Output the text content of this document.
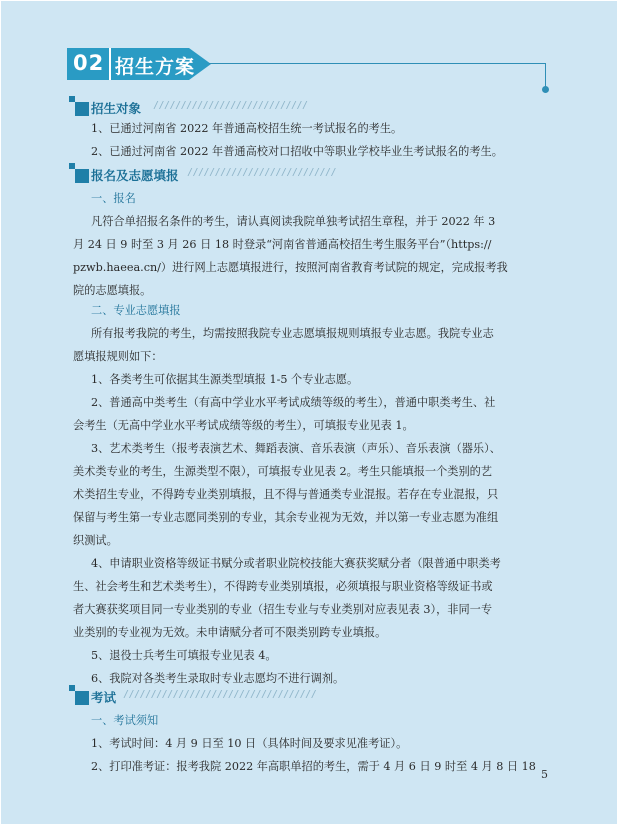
02 招生方案
招生对象 ////////////////////////////
1、已通过河南省 2022 年普通高校招生统一考试报名的考生。
2、已通过河南省 2022 年普通高校对口招收中等职业学校毕业生考试报名的考生。
报名及志愿填报 ///////////////////////////
一、报名
凡符合单招报名条件的考生，请认真阅读我院单独考试招生章程，并于 2022 年 3
月 24 日 9 时至 3 月 26 日 18 时登录“河南省普通高校招生考生服务平台”（https://
pzwb.haeea.cn/）进行网上志愿填报进行，按照河南省教育考试院的规定，完成报考我
院的志愿填报。
二、专业志愿填报
所有报考我院的考生，均需按照我院专业志愿填报规则填报专业志愿。我院专业志
愿填报规则如下：
1、各类考生可依据其生源类型填报 1-5 个专业志愿。
2、普通高中类考生（有高中学业水平考试成绩等级的考生），普通中职类考生、社
会考生（无高中学业水平考试成绩等级的考生），可填报专业见表 1。
3、艺术类考生（报考表演艺术、舞蹈表演、音乐表演（声乐）、音乐表演（器乐）、
美术类专业的考生，生源类型不限），可填报专业见表 2。考生只能填报一个类别的艺
术类招生专业，不得跨专业类别填报，且不得与普通类专业混报。若存在专业混报，只
保留与考生第一专业志愿同类别的专业，其余专业视为无效，并以第一专业志愿为准组
织测试。
4、申请职业资格等级证书赋分或者职业院校技能大赛获奖赋分者（限普通中职类考
生、社会考生和艺术类考生），不得跨专业类别填报，必须填报与职业资格等级证书或
者大赛获奖项目同一专业类别的专业（招生专业与专业类别对应表见表 3），非同一专
业类别的专业视为无效。未申请赋分者可不限类别跨专业填报。
5、退役士兵考生可填报专业见表 4。
6、我院对各类考生录取时专业志愿均不进行调剂。
考试 ///////////////////////////////////
一、考试须知
1、考试时间：4 月 9 日至 10 日（具体时间及要求见准考证）。
2、打印准考证：报考我院 2022 年高职单招的考生，需于 4 月 6 日 9 时至 4 月 8 日 18
5
